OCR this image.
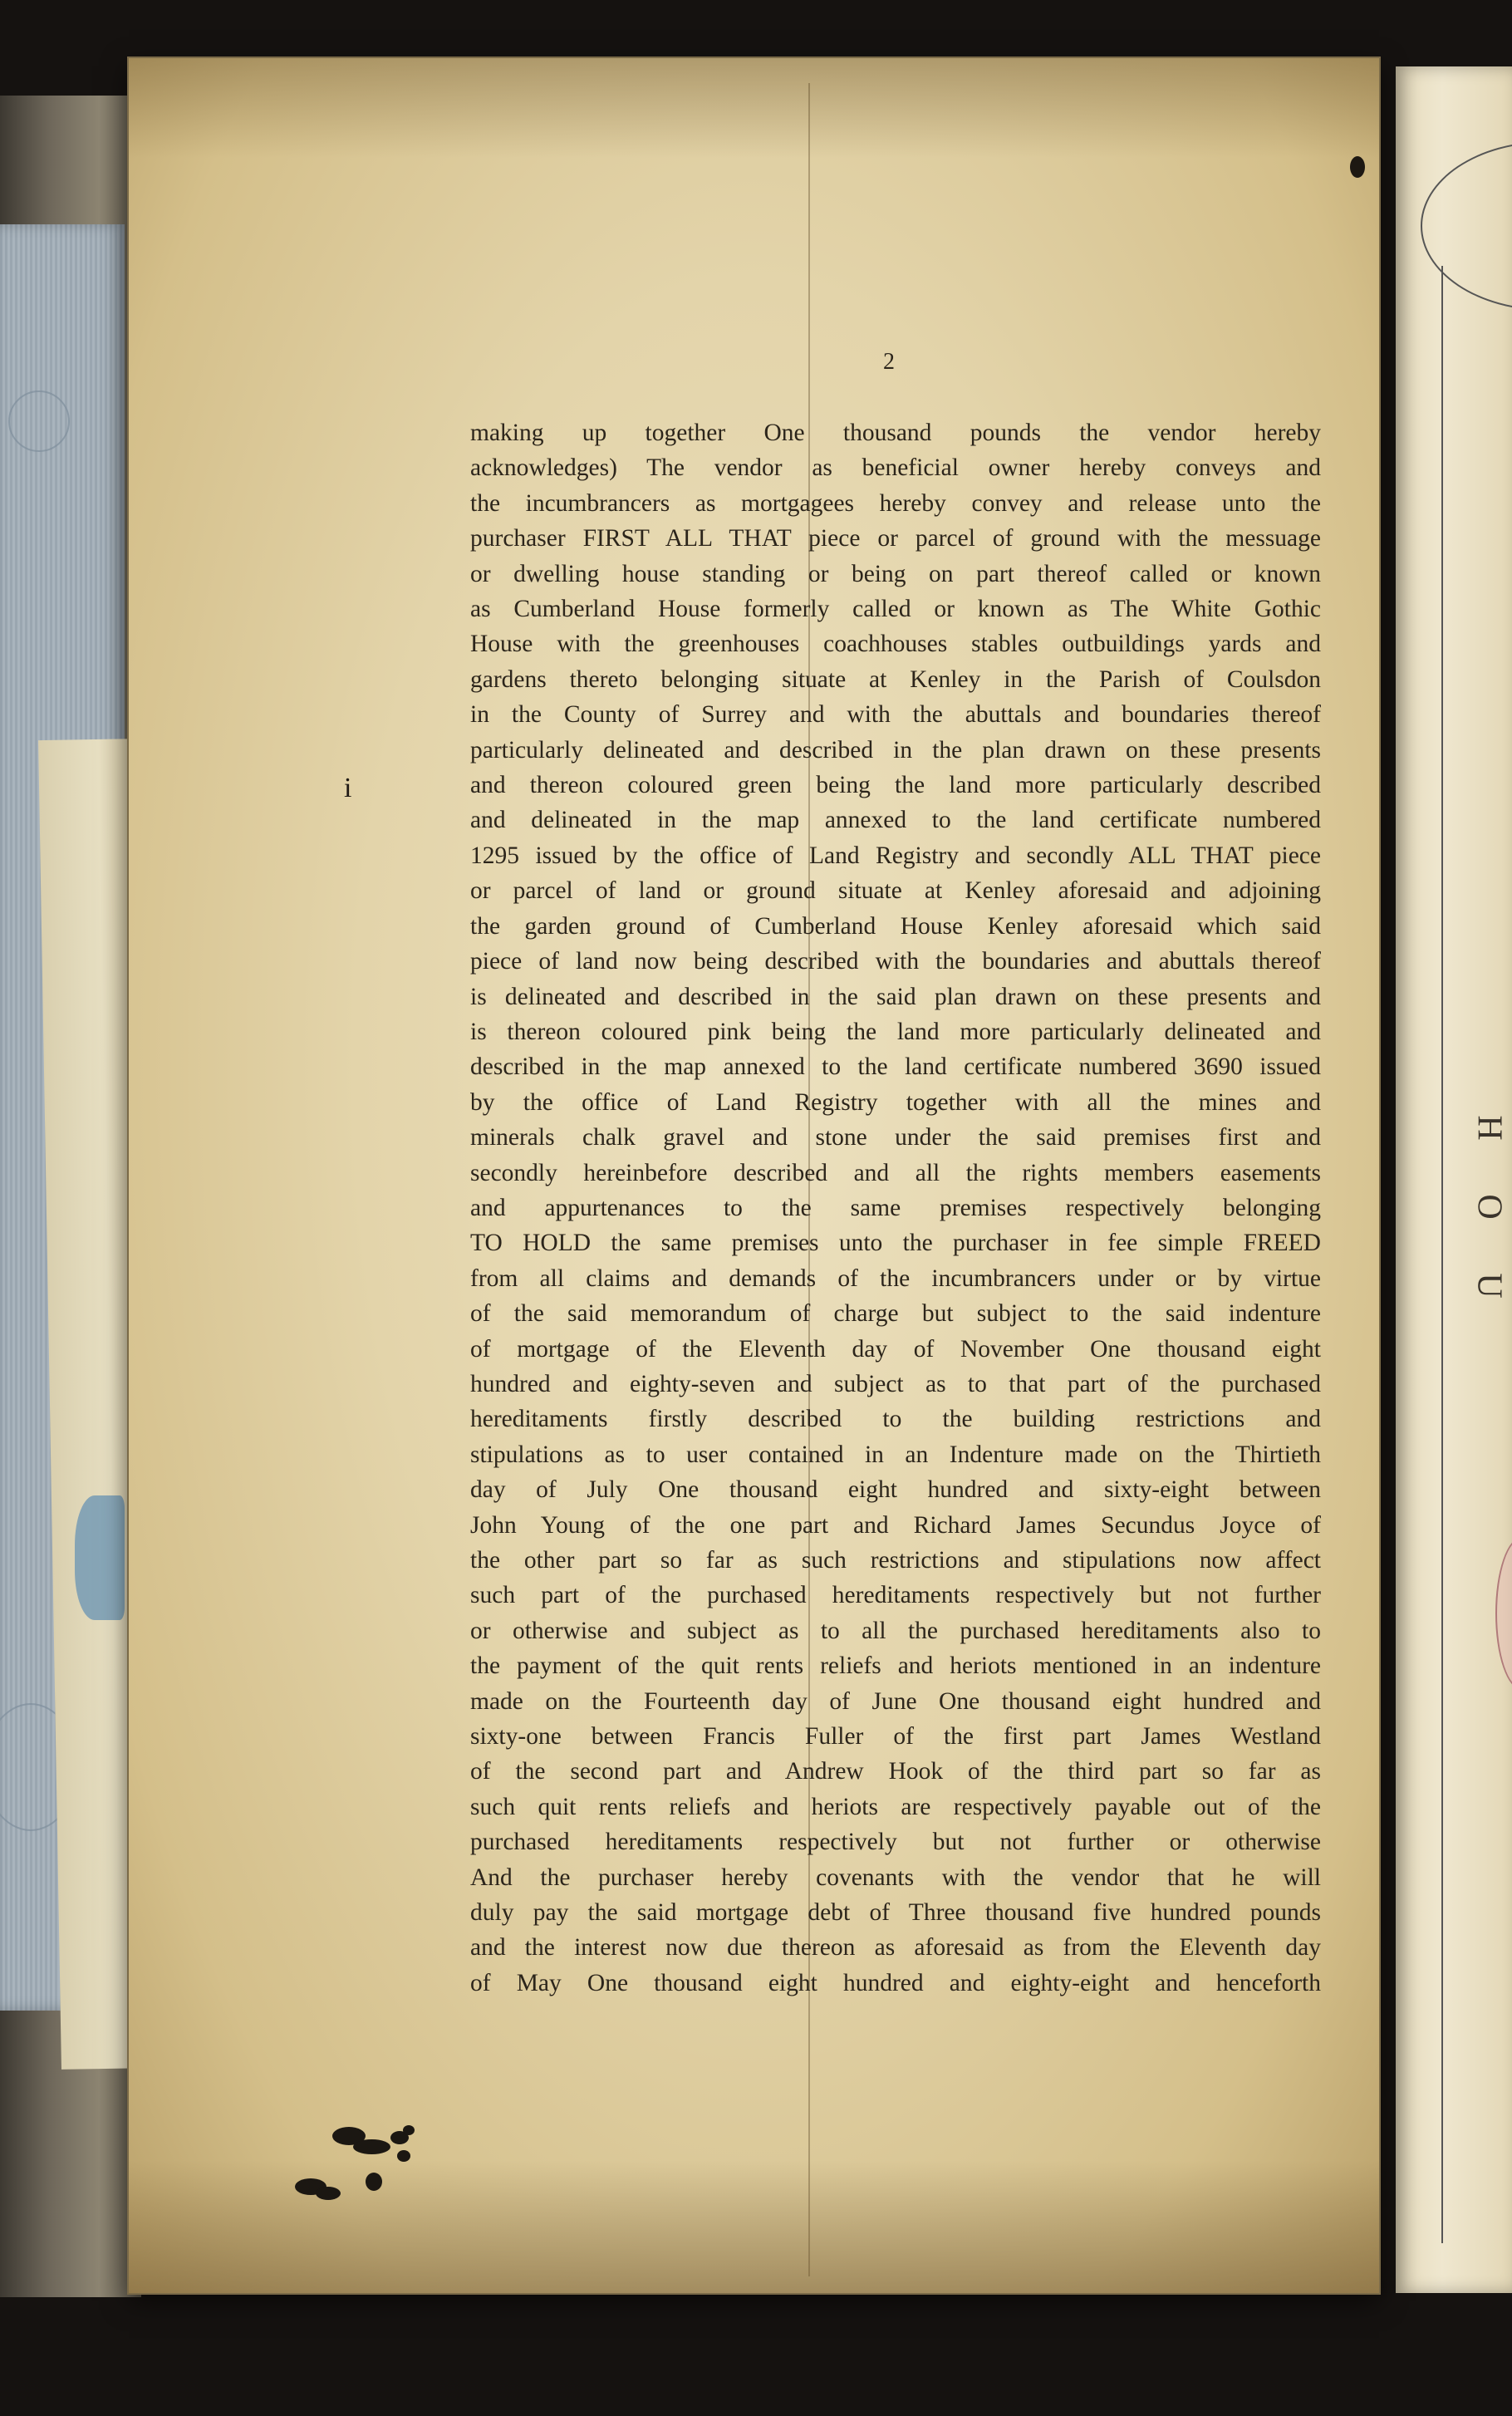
H
O
U
2
i
making up together One thousand pounds the vendor hereby
acknowledges) The vendor as beneficial owner hereby conveys and
the incumbrancers as mortgagees hereby convey and release unto the
purchaser FIRST ALL THAT piece or parcel of ground with the messuage
or dwelling house standing or being on part thereof called or known
as Cumberland House formerly called or known as The White Gothic
House with the greenhouses coachhouses stables outbuildings yards and
gardens thereto belonging situate at Kenley in the Parish of Coulsdon
in the County of Surrey and with the abuttals and boundaries thereof
particularly delineated and described in the plan drawn on these presents
and thereon coloured green being the land more particularly described
and delineated in the map annexed to the land certificate numbered
1295 issued by the office of Land Registry and secondly ALL THAT piece
or parcel of land or ground situate at Kenley aforesaid and adjoining
the garden ground of Cumberland House Kenley aforesaid which said
piece of land now being described with the boundaries and abuttals thereof
is delineated and described in the said plan drawn on these presents and
is thereon coloured pink being the land more particularly delineated and
described in the map annexed to the land certificate numbered 3690 issued
by the office of Land Registry together with all the mines and
minerals chalk gravel and stone under the said premises first and
secondly hereinbefore described and all the rights members easements
and appurtenances to the same premises respectively belonging
TO HOLD the same premises unto the purchaser in fee simple FREED
from all claims and demands of the incumbrancers under or by virtue
of the said memorandum of charge but subject to the said indenture
of mortgage of the Eleventh day of November One thousand eight
hundred and eighty-seven and subject as to that part of the purchased
hereditaments firstly described to the building restrictions and
stipulations as to user contained in an Indenture made on the Thirtieth
day of July One thousand eight hundred and sixty-eight between
John Young of the one part and Richard James Secundus Joyce of
the other part so far as such restrictions and stipulations now affect
such part of the purchased hereditaments respectively but not further
or otherwise and subject as to all the purchased hereditaments also to
the payment of the quit rents reliefs and heriots mentioned in an indenture
made on the Fourteenth day of June One thousand eight hundred and
sixty-one between Francis Fuller of the first part James Westland
of the second part and Andrew Hook of the third part so far as
such quit rents reliefs and heriots are respectively payable out of the
purchased hereditaments respectively but not further or otherwise
And the purchaser hereby covenants with the vendor that he will
duly pay the said mortgage debt of Three thousand five hundred pounds
and the interest now due thereon as aforesaid as from the Eleventh day
of May One thousand eight hundred and eighty-eight and henceforth
